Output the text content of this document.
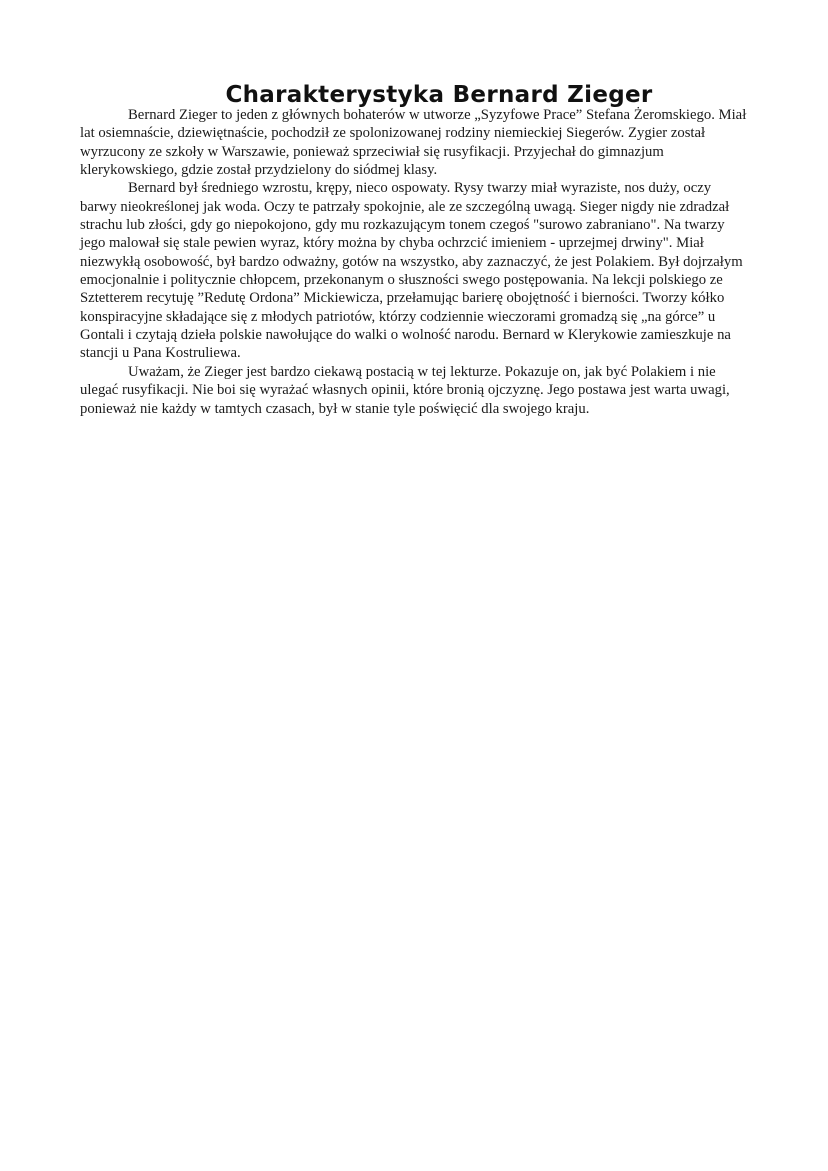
Charakterystyka Bernard Zieger

Bernard Zieger to jeden z głównych bohaterów w utworze „Syzyfowe Prace” Stefana Żeromskiego. Miał lat osiemnaście, dziewiętnaście, pochodził ze spolonizowanej rodziny niemieckiej Siegerów. Zygier został wyrzucony ze szkoły w Warszawie, ponieważ sprzeciwiał się rusyfikacji. Przyjechał do gimnazjum klerykowskiego, gdzie został przydzielony do siódmej klasy.

Bernard był średniego wzrostu, krępy, nieco ospowaty. Rysy twarzy miał wyraziste, nos duży, oczy barwy nieokreślonej jak woda. Oczy te patrzały spokojnie, ale ze szczególną uwagą. Sieger nigdy nie zdradzał strachu lub złości, gdy go niepokojono, gdy mu rozkazującym tonem czegoś "surowo zabraniano". Na twarzy jego malował się stale pewien wyraz, który można by chyba ochrzcić imieniem - uprzejmej drwiny". Miał niezwykłą osobowość, był bardzo odważny, gotów na wszystko, aby zaznaczyć, że jest Polakiem. Był dojrzałym emocjonalnie i politycznie chłopcem, przekonanym o słuszności swego postępowania. Na lekcji polskiego ze Sztetterem recytuję ”Redutę Ordona” Mickiewicza, przełamując barierę obojętność i bierności. Tworzy kółko konspiracyjne składające się z młodych patriotów, którzy codziennie wieczorami gromadzą się „na górce” u Gontali i czytają dzieła polskie nawołujące do walki o wolność narodu. Bernard w Klerykowie zamieszkuje na stancji u Pana Kostruliewa.

Uważam, że Zieger jest bardzo ciekawą postacią w tej lekturze. Pokazuje on, jak być Polakiem i nie ulegać rusyfikacji. Nie boi się wyrażać własnych opinii, które bronią ojczyznę. Jego postawa jest warta uwagi, ponieważ nie każdy w tamtych czasach, był w stanie tyle poświęcić dla swojego kraju.
